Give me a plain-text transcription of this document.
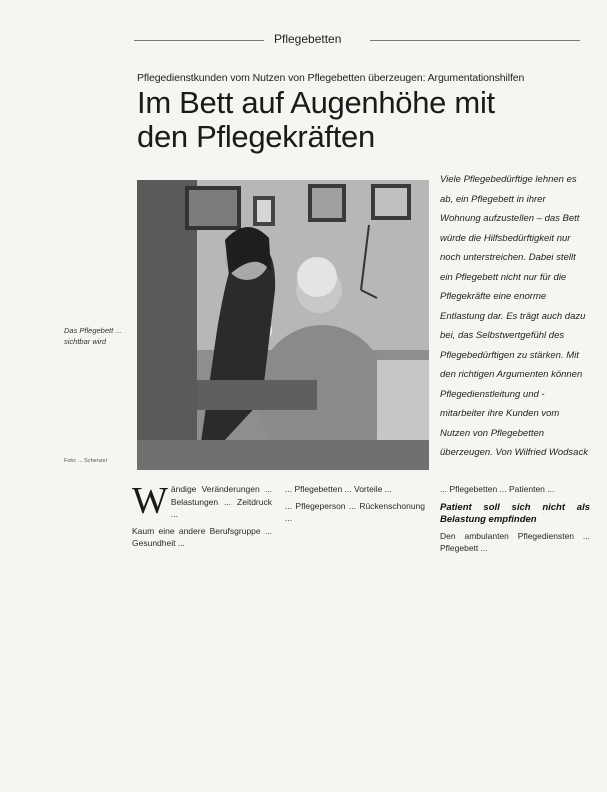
Pflegebetten
Pflegedienstkunden vom Nutzen von Pflegebetten überzeugen: Argumentationshilfen
Im Bett auf Augenhöhe mit
den Pflegekräften
Das Pflegebett ... sichtbar wird
Foto: ... Schenzel
Viele Pflegebedürftige lehnen es ab, ein Pflegebett in ihrer Wohnung aufzustellen – das Bett würde die Hilfsbedürftigkeit nur noch unterstreichen. Dabei stellt ein Pflegebett nicht nur für die Pflegekräfte eine enorme Entlastung dar. Es trägt auch dazu bei, das Selbstwertgefühl des Pflegebedürftigen zu stärken. Mit den richtigen Argumenten können Pflegedienstleitung und -mitarbeiter ihre Kunden vom Nutzen von Pflegebetten überzeugen. Von Wilfried Wodsack
W ändige Veränderungen ... Belastungen ... Zeitdruck ...

Kaum eine andere Berufsgruppe ... Gesundheit ...

... Pflegebetten ... Vorteile ...

... Pflegeperson ... Rückenschonung ...

... Pflegebetten ... Patienten ...

Patient soll sich nicht als Belastung empfinden

Den ambulanten Pflegediensten ... Pflegebett ...
